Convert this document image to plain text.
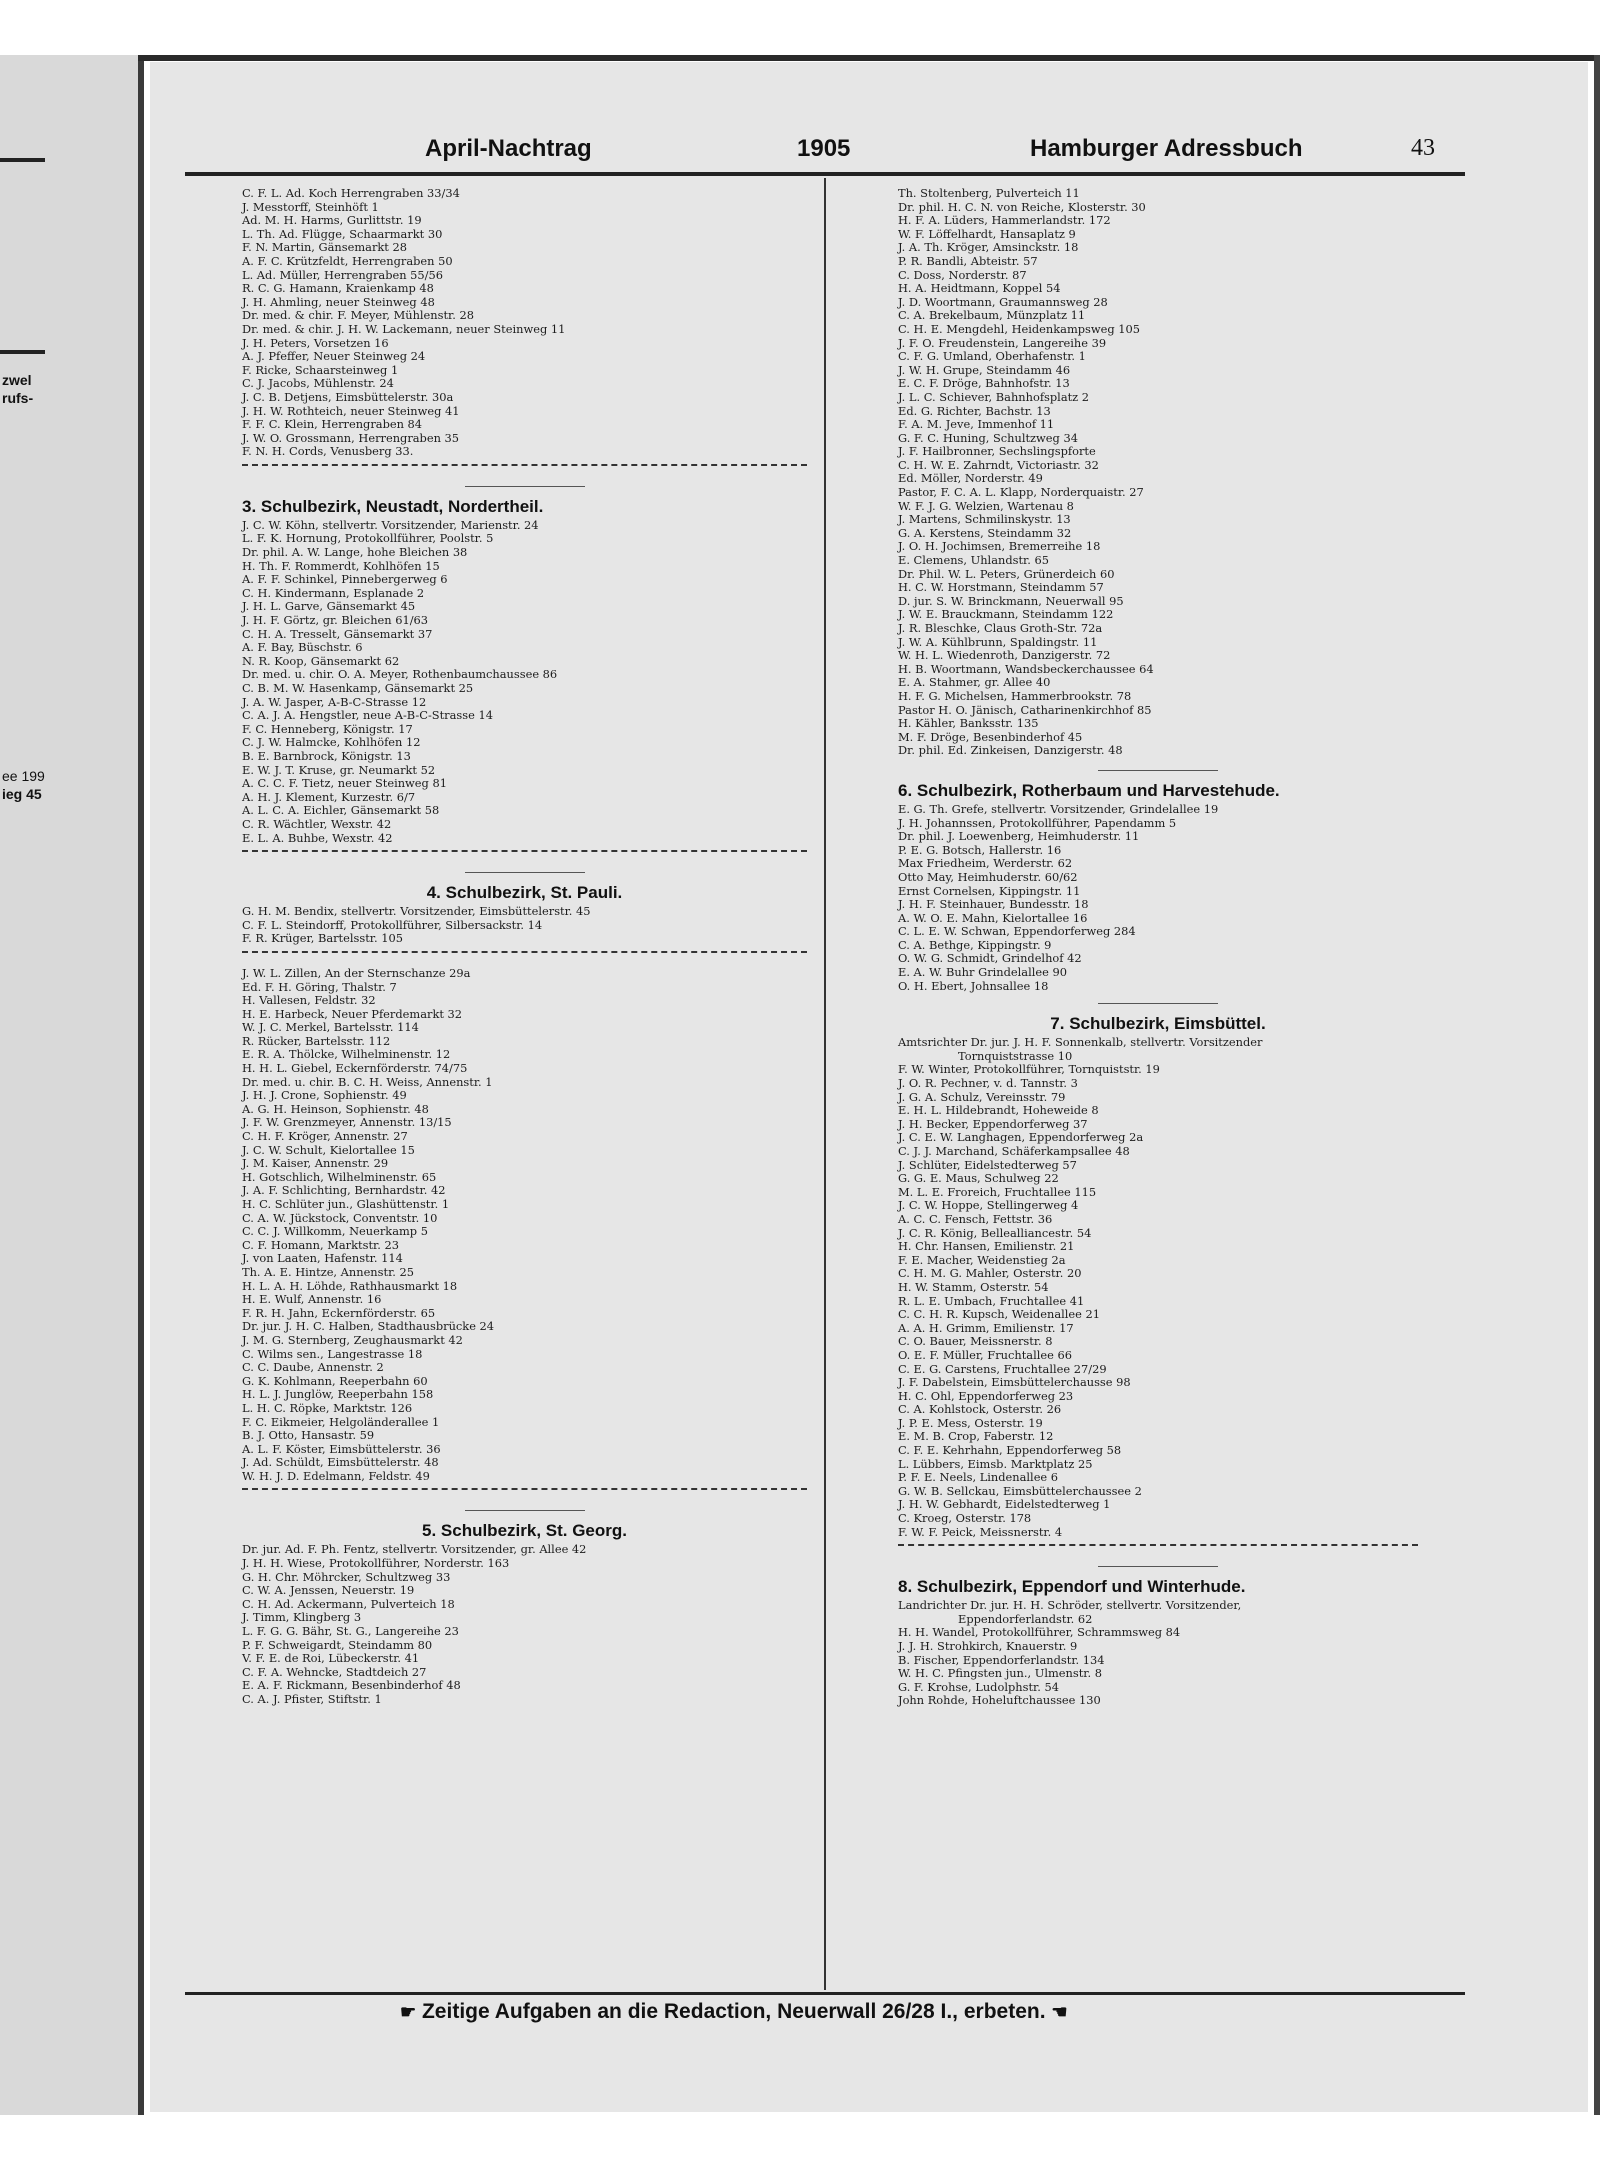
zwel
rufs-
ee 199
ieg 45
April-Nachtrag	1905	Hamburger Adressbuch	43
C. F. L. Ad. Koch Herrengraben 33/34
J. Messtorff, Steinhöft 1
Ad. M. H. Harms, Gurlittstr. 19
L. Th. Ad. Flügge, Schaarmarkt 30
F. N. Martin, Gänsemarkt 28
A. F. C. Krützfeldt, Herrengraben 50
L. Ad. Müller, Herrengraben 55/56
R. C. G. Hamann, Kraienkamp 48
J. H. Ahmling, neuer Steinweg 48
Dr. med. & chir. F. Meyer, Mühlenstr. 28
Dr. med. & chir. J. H. W. Lackemann, neuer Steinweg 11
J. H. Peters, Vorsetzen 16
A. J. Pfeffer, Neuer Steinweg 24
F. Ricke, Schaarsteinweg 1
C. J. Jacobs, Mühlenstr. 24
J. C. B. Detjens, Eimsbüttelerstr. 30a
J. H. W. Rothteich, neuer Steinweg 41
F. F. C. Klein, Herrengraben 84
J. W. O. Grossmann, Herrengraben 35
F. N. H. Cords, Venusberg 33.
3. Schulbezirk, Neustadt, Nordertheil.
J. C. W. Köhn, stellvertr. Vorsitzender, Marienstr. 24
L. F. K. Hornung, Protokollführer, Poolstr. 5
Dr. phil. A. W. Lange, hohe Bleichen 38
H. Th. F. Rommerdt, Kohlhöfen 15
A. F. F. Schinkel, Pinnebergerweg 6
C. H. Kindermann, Esplanade 2
J. H. L. Garve, Gänsemarkt 45
J. H. F. Görtz, gr. Bleichen 61/63
C. H. A. Tresselt, Gänsemarkt 37
A. F. Bay, Büschstr. 6
N. R. Koop, Gänsemarkt 62
Dr. med. u. chir. O. A. Meyer, Rothenbaumchaussee 86
C. B. M. W. Hasenkamp, Gänsemarkt 25
J. A. W. Jasper, A-B-C-Strasse 12
C. A. J. A. Hengstler, neue A-B-C-Strasse 14
F. C. Henneberg, Königstr. 17
C. J. W. Halmcke, Kohlhöfen 12
B. E. Barnbrock, Königstr. 13
E. W. J. T. Kruse, gr. Neumarkt 52
A. C. C. F. Tietz, neuer Steinweg 81
A. H. J. Klement, Kurzestr. 6/7
A. L. C. A. Eichler, Gänsemarkt 58
C. R. Wächtler, Wexstr. 42
E. L. A. Buhbe, Wexstr. 42
4. Schulbezirk, St. Pauli.
G. H. M. Bendix, stellvertr. Vorsitzender, Eimsbüttelerstr. 45
C. F. L. Steindorff, Protokollführer, Silbersackstr. 14
F. R. Krüger, Bartelsstr. 105
J. W. L. Zillen, An der Sternschanze 29a
Ed. F. H. Göring, Thalstr. 7
H. Vallesen, Feldstr. 32
H. E. Harbeck, Neuer Pferdemarkt 32
W. J. C. Merkel, Bartelsstr. 114
R. Rücker, Bartelsstr. 112
E. R. A. Thölcke, Wilhelminenstr. 12
H. H. L. Giebel, Eckernförderstr. 74/75
Dr. med. u. chir. B. C. H. Weiss, Annenstr. 1
J. H. J. Crone, Sophienstr. 49
A. G. H. Heinson, Sophienstr. 48
J. F. W. Grenzmeyer, Annenstr. 13/15
C. H. F. Kröger, Annenstr. 27
J. C. W. Schult, Kielortallee 15
J. M. Kaiser, Annenstr. 29
H. Gotschlich, Wilhelminenstr. 65
J. A. F. Schlichting, Bernhardstr. 42
H. C. Schlüter jun., Glashüttenstr. 1
C. A. W. Jückstock, Conventstr. 10
C. C. J. Willkomm, Neuerkamp 5
C. F. Homann, Marktstr. 23
J. von Laaten, Hafenstr. 114
Th. A. E. Hintze, Annenstr. 25
H. L. A. H. Löhde, Rathhausmarkt 18
H. E. Wulf, Annenstr. 16
F. R. H. Jahn, Eckernförderstr. 65
Dr. jur. J. H. C. Halben, Stadthausbrücke 24
J. M. G. Sternberg, Zeughausmarkt 42
C. Wilms sen., Langestrasse 18
C. C. Daube, Annenstr. 2
G. K. Kohlmann, Reeperbahn 60
H. L. J. Junglöw, Reeperbahn 158
L. H. C. Röpke, Marktstr. 126
F. C. Eikmeier, Helgoländerallee 1
B. J. Otto, Hansastr. 59
A. L. F. Köster, Eimsbüttelerstr. 36
J. Ad. Schüldt, Eimsbüttelerstr. 48
W. H. J. D. Edelmann, Feldstr. 49
5. Schulbezirk, St. Georg.
Dr. jur. Ad. F. Ph. Fentz, stellvertr. Vorsitzender, gr. Allee 42
J. H. H. Wiese, Protokollführer, Norderstr. 163
G. H. Chr. Möhrcker, Schultzweg 33
C. W. A. Jenssen, Neuerstr. 19
C. H. Ad. Ackermann, Pulverteich 18
J. Timm, Klingberg 3
L. F. G. G. Bähr, St. G., Langereihe 23
P. F. Schweigardt, Steindamm 80
V. F. E. de Roi, Lübeckerstr. 41
C. F. A. Wehncke, Stadtdeich 27
E. A. F. Rickmann, Besenbinderhof 48
C. A. J. Pfister, Stiftstr. 1
Th. Stoltenberg, Pulverteich 11
Dr. phil. H. C. N. von Reiche, Klosterstr. 30
H. F. A. Lüders, Hammerlandstr. 172
W. F. Löffelhardt, Hansaplatz 9
J. A. Th. Kröger, Amsinckstr. 18
P. R. Bandli, Abteistr. 57
C. Doss, Norderstr. 87
H. A. Heidtmann, Koppel 54
J. D. Woortmann, Graumannsweg 28
C. A. Brekelbaum, Münzplatz 11
C. H. E. Mengdehl, Heidenkampsweg 105
J. F. O. Freudenstein, Langereihe 39
C. F. G. Umland, Oberhafenstr. 1
J. W. H. Grupe, Steindamm 46
E. C. F. Dröge, Bahnhofstr. 13
J. L. C. Schiever, Bahnhofsplatz 2
Ed. G. Richter, Bachstr. 13
F. A. M. Jeve, Immenhof 11
G. F. C. Huning, Schultzweg 34
J. F. Hailbronner, Sechslingspforte
C. H. W. E. Zahrndt, Victoriastr. 32
Ed. Möller, Norderstr. 49
Pastor, F. C. A. L. Klapp, Norderquaistr. 27
W. F. J. G. Welzien, Wartenau 8
J. Martens, Schmilinskystr. 13
G. A. Kerstens, Steindamm 32
J. O. H. Jochimsen, Bremerreihe 18
E. Clemens, Uhlandstr. 65
Dr. Phil. W. L. Peters, Grünerdeich 60
H. C. W. Horstmann, Steindamm 57
D. jur. S. W. Brinckmann, Neuerwall 95
J. W. E. Brauckmann, Steindamm 122
J. R. Bleschke, Claus Groth-Str. 72a
J. W. A. Kühlbrunn, Spaldingstr. 11
W. H. L. Wiedenroth, Danzigerstr. 72
H. B. Woortmann, Wandsbeckerchaussee 64
E. A. Stahmer, gr. Allee 40
H. F. G. Michelsen, Hammerbrookstr. 78
Pastor H. O. Jänisch, Catharinenkirchhof 85
H. Kähler, Banksstr. 135
M. F. Dröge, Besenbinderhof 45
Dr. phil. Ed. Zinkeisen, Danzigerstr. 48
6. Schulbezirk, Rotherbaum und Harvestehude.
E. G. Th. Grefe, stellvertr. Vorsitzender, Grindelallee 19
J. H. Johannssen, Protokollführer, Papendamm 5
Dr. phil. J. Loewenberg, Heimhuderstr. 11
P. E. G. Botsch, Hallerstr. 16
Max Friedheim, Werderstr. 62
Otto May, Heimhuderstr. 60/62
Ernst Cornelsen, Kippingstr. 11
J. H. F. Steinhauer, Bundesstr. 18
A. W. O. E. Mahn, Kielortallee 16
C. L. E. W. Schwan, Eppendorferweg 284
C. A. Bethge, Kippingstr. 9
O. W. G. Schmidt, Grindelhof 42
E. A. W. Buhr Grindelallee 90
O. H. Ebert, Johnsallee 18
7. Schulbezirk, Eimsbüttel.
Amtsrichter Dr. jur. J. H. F. Sonnenkalb, stellvertr. Vorsitzender
Tornquiststrasse 10
F. W. Winter, Protokollführer, Tornquiststr. 19
J. O. R. Pechner, v. d. Tannstr. 3
J. G. A. Schulz, Vereinsstr. 79
E. H. L. Hildebrandt, Hoheweide 8
J. H. Becker, Eppendorferweg 37
J. C. E. W. Langhagen, Eppendorferweg 2a
C. J. J. Marchand, Schäferkampsallee 48
J. Schlüter, Eidelstedterweg 57
G. G. E. Maus, Schulweg 22
M. L. E. Froreich, Fruchtallee 115
J. C. W. Hoppe, Stellingerweg 4
A. C. C. Fensch, Fettstr. 36
J. C. R. König, Bellealliancestr. 54
H. Chr. Hansen, Emilienstr. 21
F. E. Macher, Weidenstieg 2a
C. H. M. G. Mahler, Osterstr. 20
H. W. Stamm, Osterstr. 54
R. L. E. Umbach, Fruchtallee 41
C. C. H. R. Kupsch, Weidenallee 21
A. A. H. Grimm, Emilienstr. 17
C. O. Bauer, Meissnerstr. 8
O. E. F. Müller, Fruchtallee 66
C. E. G. Carstens, Fruchtallee 27/29
J. F. Dabelstein, Eimsbüttelerchausse 98
H. C. Ohl, Eppendorferweg 23
C. A. Kohlstock, Osterstr. 26
J. P. E. Mess, Osterstr. 19
E. M. B. Crop, Faberstr. 12
C. F. E. Kehrhahn, Eppendorferweg 58
L. Lübbers, Eimsb. Marktplatz 25
P. F. E. Neels, Lindenallee 6
G. W. B. Sellckau, Eimsbüttelerchaussee 2
J. H. W. Gebhardt, Eidelstedterweg 1
C. Kroeg, Osterstr. 178
F. W. F. Peick, Meissnerstr. 4
8. Schulbezirk, Eppendorf und Winterhude.
Landrichter Dr. jur. H. H. Schröder, stellvertr. Vorsitzender,
Eppendorferlandstr. 62
H. H. Wandel, Protokollführer, Schrammsweg 84
J. J. H. Strohkirch, Knauerstr. 9
B. Fischer, Eppendorferlandstr. 134
W. H. C. Pfingsten jun., Ulmenstr. 8
G. F. Krohse, Ludolphstr. 54
John Rohde, Hoheluftchaussee 130
☛ Zeitige Aufgaben an die Redaction, Neuerwall 26/28 I., erbeten. ☚
